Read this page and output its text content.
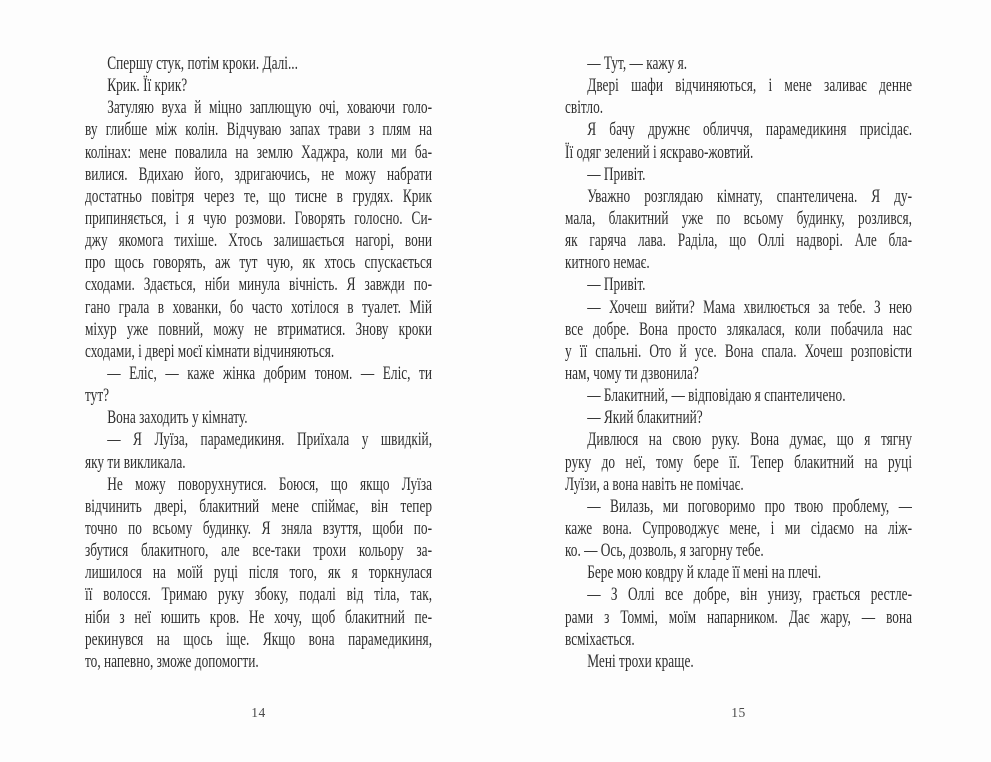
Спершу стук, потім кроки. Далі...
Крик. Її крик?
Затуляю вуха й міцно заплющую очі, ховаючи голо-
ву глибше між колін. Відчуваю запах трави з плям на
колінах: мене повалила на землю Хаджра, коли ми ба-
вилися. Вдихаю його, здригаючись, не можу набрати
достатньо повітря через те, що тисне в грудях. Крик
припиняється, і я чую розмови. Говорять голосно. Си-
джу якомога тихіше. Хтось залишається нагорі, вони
про щось говорять, аж тут чую, як хтось спускається
сходами. Здається, ніби минула вічність. Я завжди по-
гано грала в хованки, бо часто хотілося в туалет. Мій
міхур уже повний, можу не втриматися. Знову кроки
сходами, і двері моєї кімнати відчиняються.
— Еліс, — каже жінка добрим тоном. — Еліс, ти
тут?
Вона заходить у кімнату.
— Я Луїза, парамедикиня. Приїхала у швидкій,
яку ти викликала.
Не можу поворухнутися. Боюся, що якщо Луїза
відчинить двері, блакитний мене спіймає, він тепер
точно по всьому будинку. Я зняла взуття, щоби по-
збутися блакитного, але все-таки трохи кольору за-
лишилося на моїй руці після того, як я торкнулася
її волосся. Тримаю руку збоку, подалі від тіла, так,
ніби з неї юшить кров. Не хочу, щоб блакитний пе-
рекинувся на щось іще. Якщо вона парамедикиня,
то, напевно, зможе допомогти.
— Тут, — кажу я.
Двері шафи відчиняються, і мене заливає денне
світло.
Я бачу дружнє обличчя, парамедикиня присідає.
Її одяг зелений і яскраво-жовтий.
— Привіт.
Уважно розглядаю кімнату, спантеличена. Я ду-
мала, блакитний уже по всьому будинку, розлився,
як гаряча лава. Раділа, що Оллі надворі. Але бла-
китного немає.
— Привіт.
— Хочеш вийти? Мама хвилюється за тебе. З нею
все добре. Вона просто злякалася, коли побачила нас
у її спальні. Ото й усе. Вона спала. Хочеш розповісти
нам, чому ти дзвонила?
— Блакитний, — відповідаю я спантеличено.
— Який блакитний?
Дивлюся на свою руку. Вона думає, що я тягну
руку до неї, тому бере її. Тепер блакитний на руці
Луїзи, а вона навіть не помічає.
— Вилазь, ми поговоримо про твою проблему, —
каже вона. Супроводжує мене, і ми сідаємо на ліж-
ко. — Ось, дозволь, я загорну тебе.
Бере мою ковдру й кладе її мені на плечі.
— З Оллі все добре, він унизу, грається рестле-
рами з Томмі, моїм напарником. Дає жару, — вона
всміхається.
Мені трохи краще.
14	15
